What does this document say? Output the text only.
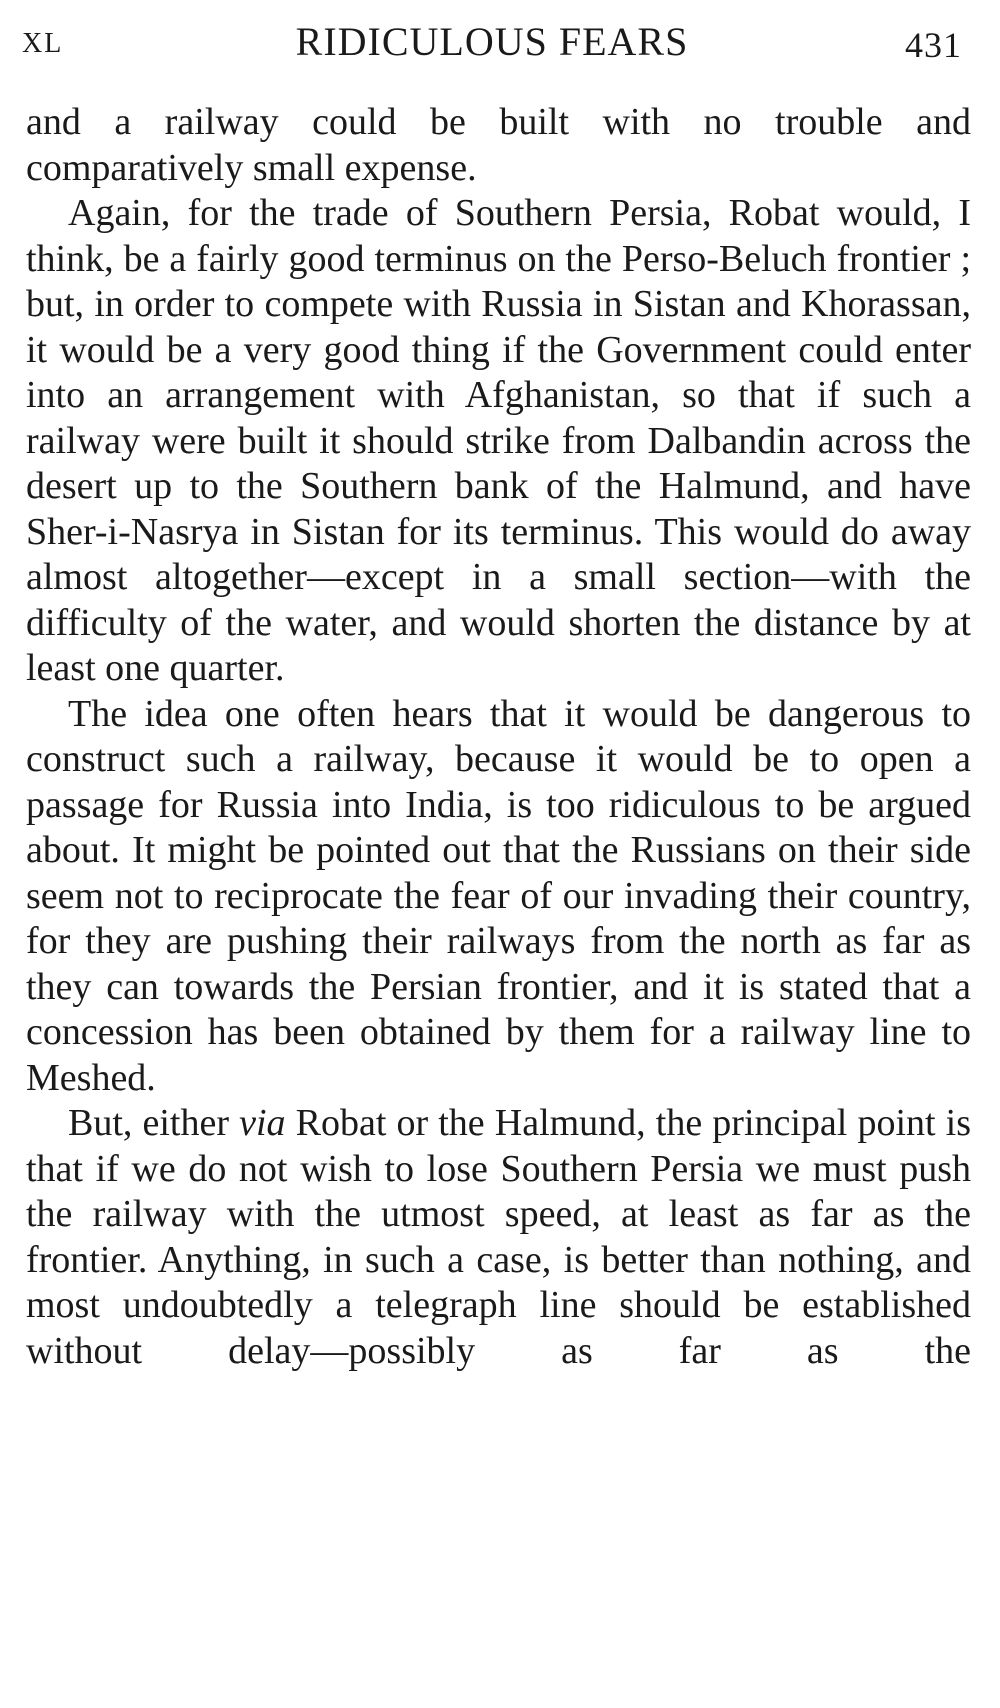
XL	RIDICULOUS FEARS	431

and a railway could be built with no trouble and comparatively small expense.

Again, for the trade of Southern Persia, Robat would, I think, be a fairly good terminus on the Perso-Beluch frontier ; but, in order to compete with Russia in Sistan and Khorassan, it would be a very good thing if the Government could enter into an arrangement with Afghanistan, so that if such a railway were built it should strike from Dalbandin across the desert up to the Southern bank of the Halmund, and have Sher-i-Nasrya in Sistan for its terminus. This would do away almost altogether—except in a small section—with the difficulty of the water, and would shorten the distance by at least one quarter.

The idea one often hears that it would be dangerous to construct such a railway, because it would be to open a passage for Russia into India, is too ridiculous to be argued about. It might be pointed out that the Russians on their side seem not to reciprocate the fear of our invading their country, for they are pushing their railways from the north as far as they can towards the Persian frontier, and it is stated that a concession has been obtained by them for a railway line to Meshed.

But, either via Robat or the Halmund, the principal point is that if we do not wish to lose Southern Persia we must push the railway with the utmost speed, at least as far as the frontier. Anything, in such a case, is better than nothing, and most undoubtedly a telegraph line should be established without delay—possibly as far as the
